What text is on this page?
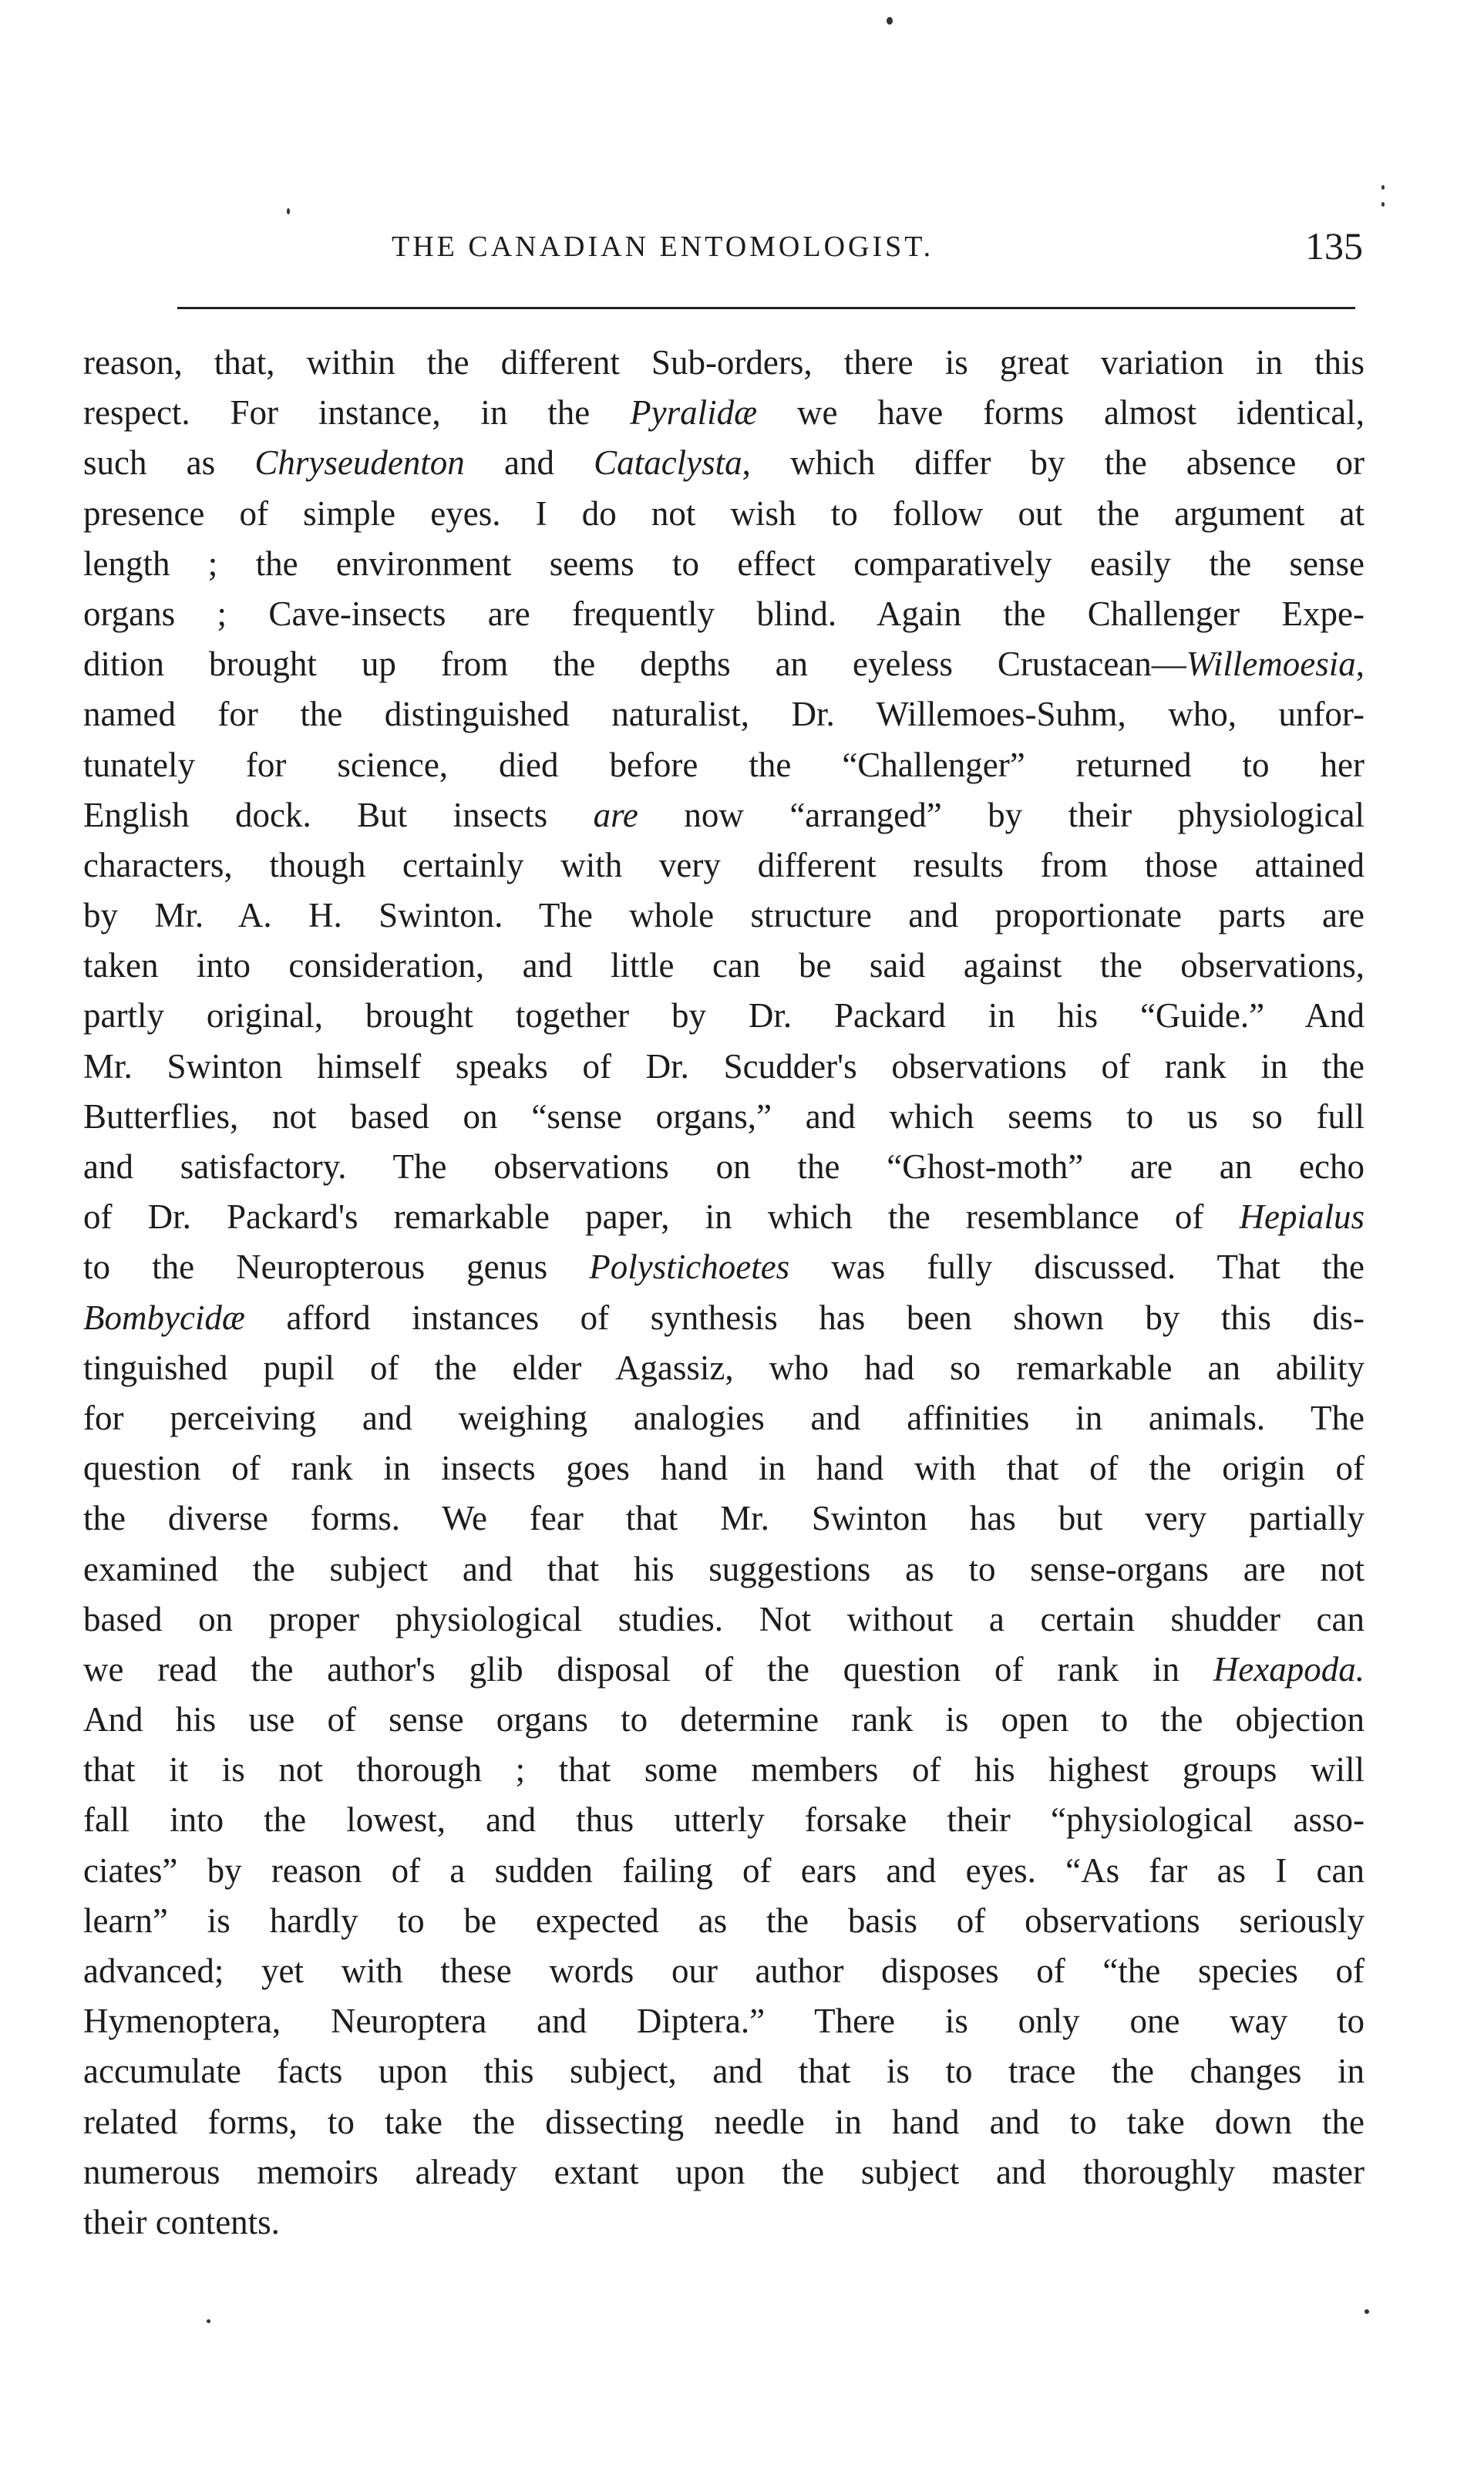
THE CANADIAN ENTOMOLOGIST.	135
reason, that, within the different Sub-orders, there is great variation in this
respect. For instance, in the Pyralidæ we have forms almost identical,
such as Chryseudenton and Cataclysta, which differ by the absence or
presence of simple eyes. I do not wish to follow out the argument at
length ; the environment seems to effect comparatively easily the sense
organs ; Cave-insects are frequently blind. Again the Challenger Expe-
dition brought up from the depths an eyeless Crustacean—Willemoesia,
named for the distinguished naturalist, Dr. Willemoes-Suhm, who, unfor-
tunately for science, died before the “Challenger” returned to her
English dock. But insects are now “arranged” by their physiological
characters, though certainly with very different results from those attained
by Mr. A. H. Swinton. The whole structure and proportionate parts are
taken into consideration, and little can be said against the observations,
partly original, brought together by Dr. Packard in his “Guide.” And
Mr. Swinton himself speaks of Dr. Scudder's observations of rank in the
Butterflies, not based on “sense organs,” and which seems to us so full
and satisfactory. The observations on the “Ghost-moth” are an echo
of Dr. Packard's remarkable paper, in which the resemblance of Hepialus
to the Neuropterous genus Polystichoetes was fully discussed. That the
Bombycidæ afford instances of synthesis has been shown by this dis-
tinguished pupil of the elder Agassiz, who had so remarkable an ability
for perceiving and weighing analogies and affinities in animals. The
question of rank in insects goes hand in hand with that of the origin of
the diverse forms. We fear that Mr. Swinton has but very partially
examined the subject and that his suggestions as to sense-organs are not
based on proper physiological studies. Not without a certain shudder can
we read the author's glib disposal of the question of rank in Hexapoda.
And his use of sense organs to determine rank is open to the objection
that it is not thorough ; that some members of his highest groups will
fall into the lowest, and thus utterly forsake their “physiological asso-
ciates” by reason of a sudden failing of ears and eyes. “As far as I can
learn” is hardly to be expected as the basis of observations seriously
advanced; yet with these words our author disposes of “the species of
Hymenoptera, Neuroptera and Diptera.” There is only one way to
accumulate facts upon this subject, and that is to trace the changes in
related forms, to take the dissecting needle in hand and to take down the
numerous memoirs already extant upon the subject and thoroughly master
their contents.
